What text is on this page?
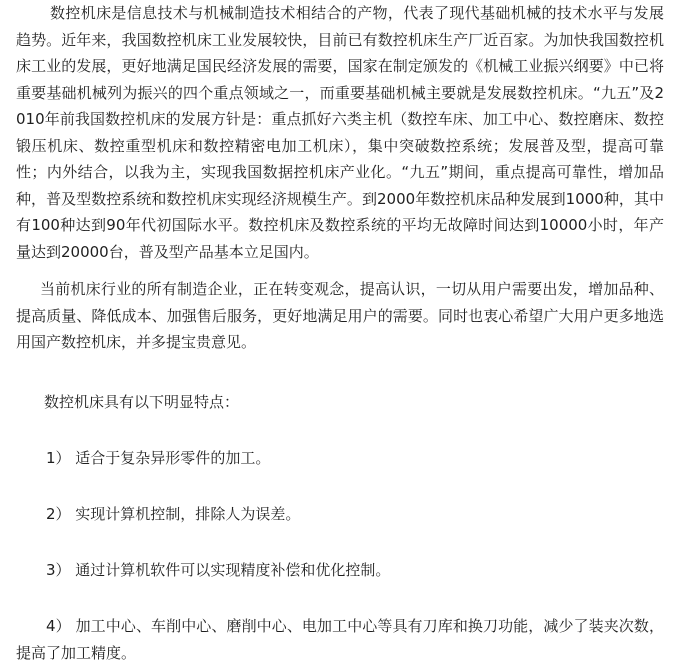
数控机床是信息技术与机械制造技术相结合的产物，代表了现代基础机械的技术水平与发展趋势。近年来，我国数控机床工业发展较快，目前已有数控机床生产厂近百家。为加快我国数控机床工业的发展，更好地满足国民经济发展的需要，国家在制定颁发的《机械工业振兴纲要》中已将重要基础机械列为振兴的四个重点领域之一，而重要基础机械主要就是发展数控机床。“九五”及2010年前我国数控机床的发展方针是：重点抓好六类主机（数控车床、加工中心、数控磨床、数控锻压机床、数控重型机床和数控精密电加工机床），集中突破数控系统；发展普及型，提高可靠性；内外结合，以我为主，实现我国数据控机床产业化。“九五”期间，重点提高可靠性，增加品种，普及型数控系统和数控机床实现经济规模生产。到2000年数控机床品种发展到1000种，其中有100种达到90年代初国际水平。数控机床及数控系统的平均无故障时间达到10000小时，年产量达到20000台，普及型产品基本立足国内。

当前机床行业的所有制造企业，正在转变观念，提高认识，一切从用户需要出发，增加品种、提高质量、降低成本、加强售后服务，更好地满足用户的需要。同时也衷心希望广大用户更多地选用国产数控机床，并多提宝贵意见。

数控机床具有以下明显特点：

1） 适合于复杂异形零件的加工。

2） 实现计算机控制，排除人为误差。

3） 通过计算机软件可以实现精度补偿和优化控制。

4） 加工中心、车削中心、磨削中心、电加工中心等具有刀库和换刀功能，减少了装夹次数，提高了加工精度。
